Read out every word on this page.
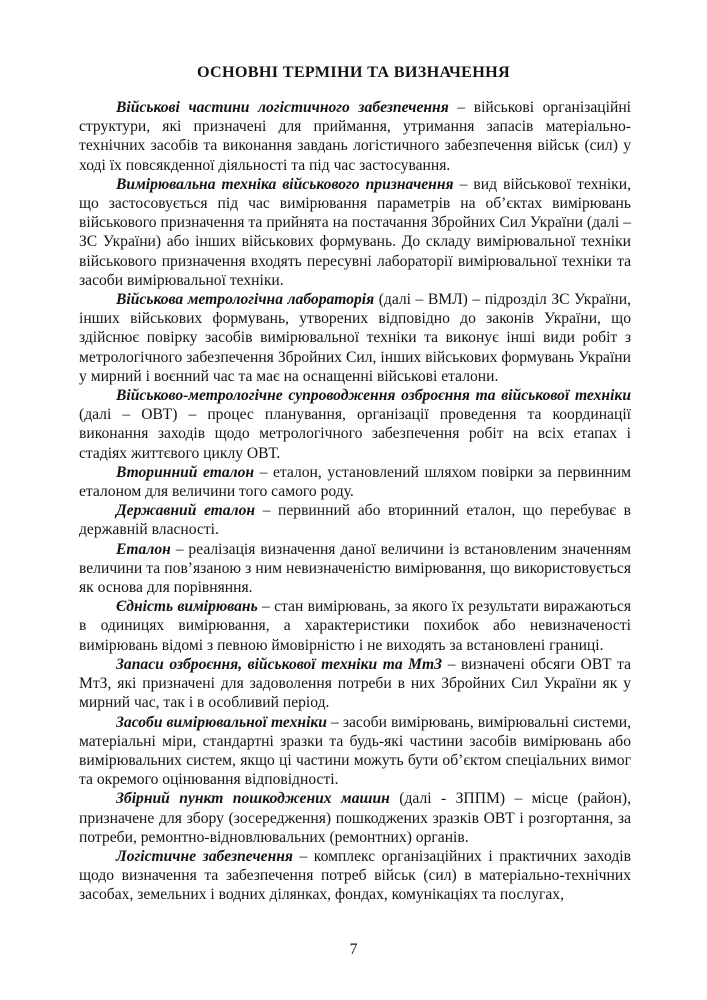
ОСНОВНІ ТЕРМІНИ ТА ВИЗНАЧЕННЯ

Військові частини логістичного забезпечення – військові організаційні структури, які призначені для приймання, утримання запасів матеріально-технічних засобів та виконання завдань логістичного забезпечення військ (сил) у ході їх повсякденної діяльності та під час застосування.

Вимірювальна техніка військового призначення – вид військової техніки, що застосовується під час вимірювання параметрів на об’єктах вимірювань військового призначення та прийнята на постачання Збройних Сил України (далі – ЗС України) або інших військових формувань. До складу вимірювальної техніки військового призначення входять пересувні лабораторії вимірювальної техніки та засоби вимірювальної техніки.

Військова метрологічна лабораторія (далі – ВМЛ) – підрозділ ЗС України, інших військових формувань, утворених відповідно до законів України, що здійснює повірку засобів вимірювальної техніки та виконує інші види робіт з метрологічного забезпечення Збройних Сил, інших військових формувань України у мирний і воєнний час та має на оснащенні військові еталони.

Військово-метрологічне супроводження озброєння та військової техніки (далі – ОВТ) – процес планування, організації проведення та координації виконання заходів щодо метрологічного забезпечення робіт на всіх етапах і стадіях життєвого циклу ОВТ.

Вторинний еталон – еталон, установлений шляхом повірки за первинним еталоном для величини того самого роду.

Державний еталон – первинний або вторинний еталон, що перебуває в державній власності.

Еталон – реалізація визначення даної величини із встановленим значенням величини та пов’язаною з ним невизначеністю вимірювання, що використовується як основа для порівняння.

Єдність вимірювань – стан вимірювань, за якого їх результати виражаються в одиницях вимірювання, а характеристики похибок або невизначеності вимірювань відомі з певною ймовірністю і не виходять за встановлені границі.

Запаси озброєння, військової техніки та МтЗ – визначені обсяги ОВТ та МтЗ, які призначені для задоволення потреби в них Збройних Сил України як у мирний час, так і в особливий період.

Засоби вимірювальної техніки – засоби вимірювань, вимірювальні системи, матеріальні міри, стандартні зразки та будь-які частини засобів вимірювань або вимірювальних систем, якщо ці частини можуть бути об’єктом спеціальних вимог та окремого оцінювання відповідності.

Збірний пункт пошкоджених машин (далі - ЗППМ) – місце (район), призначене для збору (зосередження) пошкоджених зразків ОВТ і розгортання, за потреби, ремонтно-відновлювальних (ремонтних) органів.

Логістичне забезпечення – комплекс організаційних і практичних заходів щодо визначення та забезпечення потреб військ (сил) в матеріально-технічних засобах, земельних і водних ділянках, фондах, комунікаціях та послугах,

7
